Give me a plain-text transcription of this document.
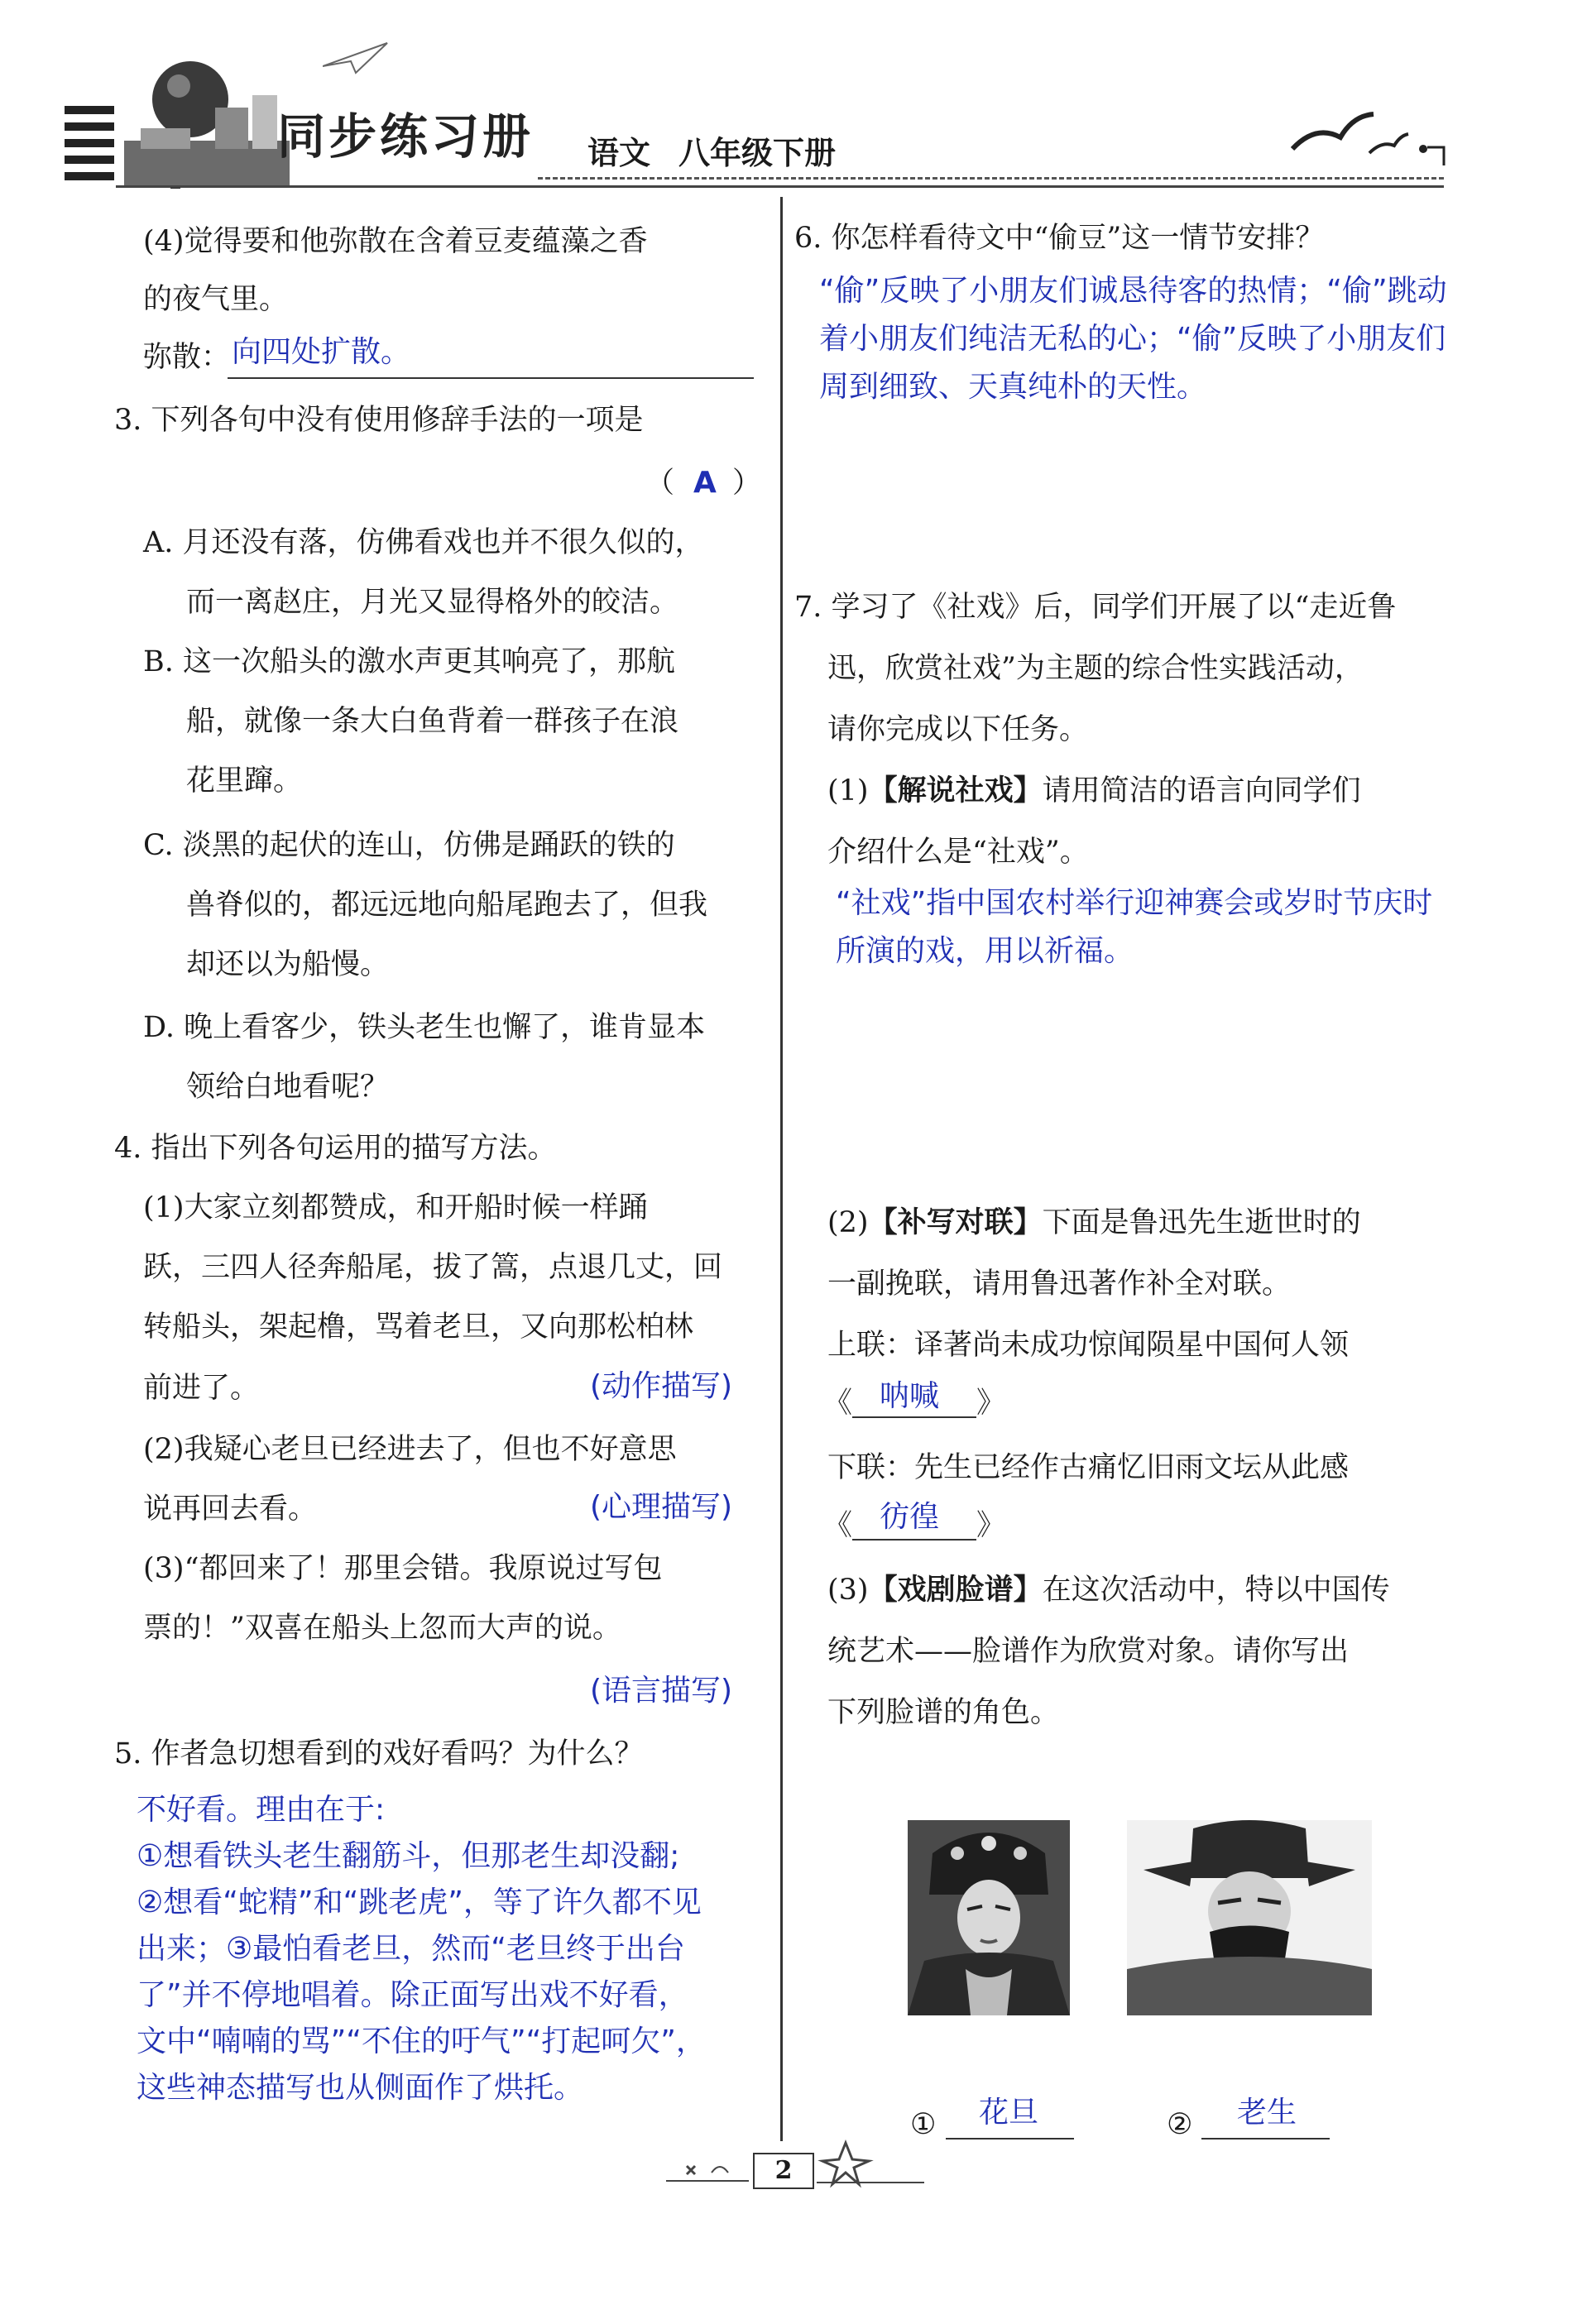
同步练习册 语文 八年级下册
(4)觉得要和他弥散在含着豆麦蕴藻之香
的夜气里。
弥散： 向四处扩散。
3. 下列各句中没有使用修辞手法的一项是
（ A ）
A. 月还没有落，仿佛看戏也并不很久似的，
而一离赵庄，月光又显得格外的皎洁。
B. 这一次船头的激水声更其响亮了，那航
船，就像一条大白鱼背着一群孩子在浪
花里蹿。
C. 淡黑的起伏的连山，仿佛是踊跃的铁的
兽脊似的，都远远地向船尾跑去了，但我
却还以为船慢。
D. 晚上看客少，铁头老生也懈了，谁肯显本
领给白地看呢？
4. 指出下列各句运用的描写方法。
(1)大家立刻都赞成，和开船时候一样踊
跃，三四人径奔船尾，拔了篙，点退几丈，回
转船头，架起橹，骂着老旦，又向那松柏林
前进了。	(动作描写)
(2)我疑心老旦已经进去了，但也不好意思
说再回去看。	(心理描写)
(3)“都回来了！那里会错。我原说过写包
票的！”双喜在船头上忽而大声的说。
(语言描写)
5. 作者急切想看到的戏好看吗？为什么？
不好看。理由在于:
①想看铁头老生翻筋斗，但那老生却没翻;
②想看“蛇精”和“跳老虎”，等了许久都不见
出来；③最怕看老旦，然而“老旦终于出台
了”并不停地唱着。除正面写出戏不好看，
文中“喃喃的骂”“不住的吁气”“打起呵欠”，
这些神态描写也从侧面作了烘托。
6. 你怎样看待文中“偷豆”这一情节安排？
“偷”反映了小朋友们诚恳待客的热情；“偷”跳动
着小朋友们纯洁无私的心；“偷”反映了小朋友们
周到细致、天真纯朴的天性。
7. 学习了《社戏》后，同学们开展了以“走近鲁
迅，欣赏社戏”为主题的综合性实践活动，
请你完成以下任务。
(1)【解说社戏】请用简洁的语言向同学们
介绍什么是“社戏”。
“社戏”指中国农村举行迎神赛会或岁时节庆时
所演的戏，用以祈福。
(2)【补写对联】下面是鲁迅先生逝世时的
一副挽联，请用鲁迅著作补全对联。
上联：译著尚未成功惊闻陨星中国何人领
《 呐喊 》
下联：先生已经作古痛忆旧雨文坛从此感
《 彷徨 》
(3)【戏剧脸谱】在这次活动中，特以中国传
统艺术——脸谱作为欣赏对象。请你写出
下列脸谱的角色。
① 花旦	② 老生
2
